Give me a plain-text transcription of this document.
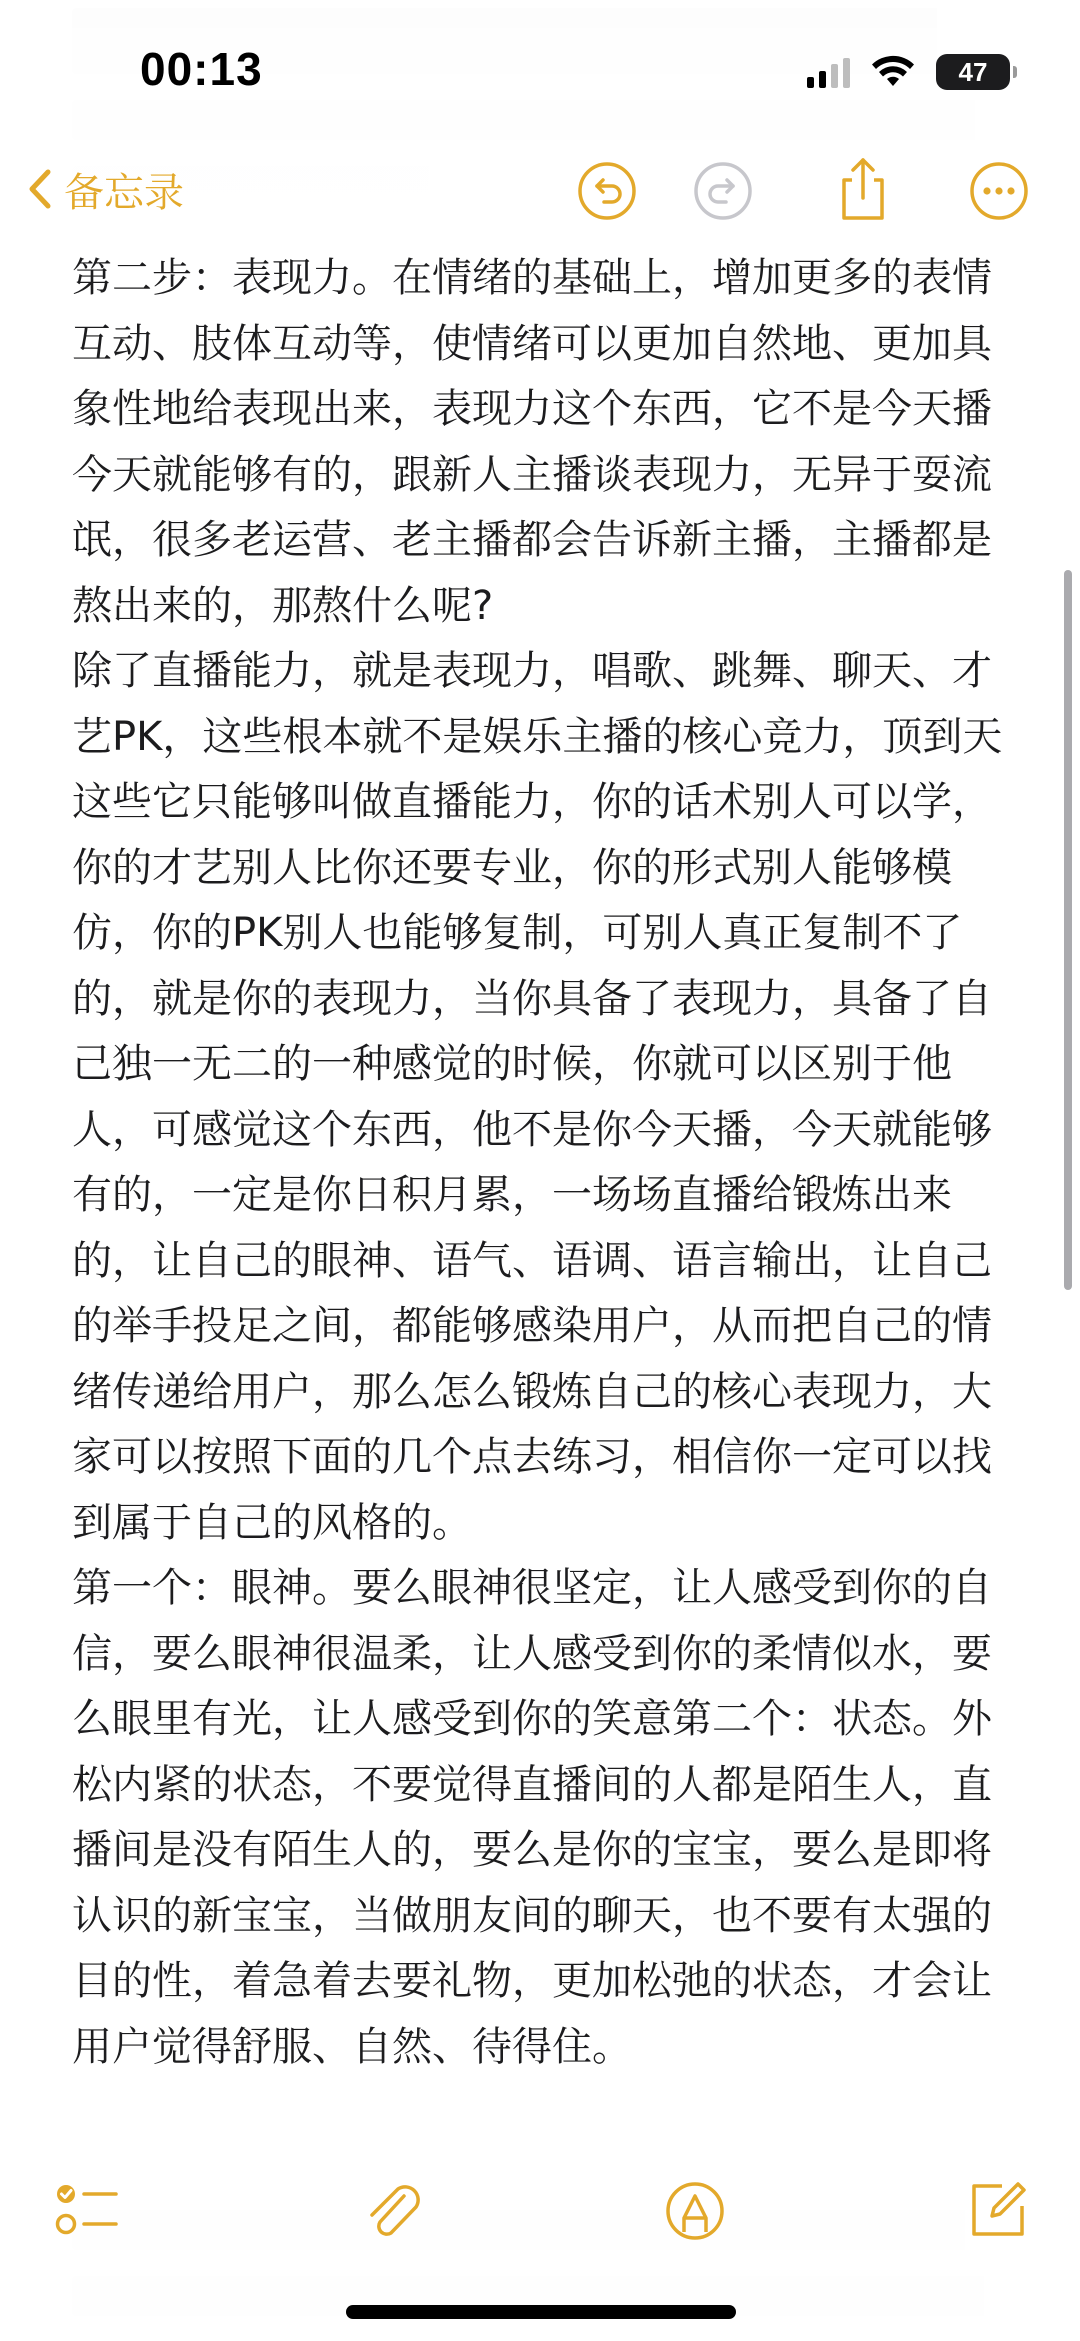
00:13	47
备忘录

第二步：表现力。在情绪的基础上，增加更多的表情互动、肢体互动等，使情绪可以更加自然地、更加具象性地给表现出来，表现力这个东西，它不是今天播今天就能够有的，跟新人主播谈表现力，无异于耍流氓，很多老运营、老主播都会告诉新主播，主播都是熬出来的，那熬什么呢?

除了直播能力，就是表现力，唱歌、跳舞、聊天、才艺PK，这些根本就不是娱乐主播的核心竞力，顶到天这些它只能够叫做直播能力，你的话术别人可以学，你的才艺别人比你还要专业，你的形式别人能够模仿，你的PK别人也能够复制，可别人真正复制不了的，就是你的表现力，当你具备了表现力，具备了自己独一无二的一种感觉的时候，你就可以区别于他人，可感觉这个东西，他不是你今天播，今天就能够有的，一定是你日积月累，一场场直播给锻炼出来的，让自己的眼神、语气、语调、语言输出，让自己的举手投足之间，都能够感染用户，从而把自己的情绪传递给用户，那么怎么锻炼自己的核心表现力，大家可以按照下面的几个点去练习，相信你一定可以找到属于自己的风格的。

第一个：眼神。要么眼神很坚定，让人感受到你的自信，要么眼神很温柔，让人感受到你的柔情似水，要么眼里有光，让人感受到你的笑意第二个：状态。外松内紧的状态，不要觉得直播间的人都是陌生人，直播间是没有陌生人的，要么是你的宝宝，要么是即将认识的新宝宝，当做朋友间的聊天，也不要有太强的目的性，着急着去要礼物，更加松弛的状态，才会让用户觉得舒服、自然、待得住。
